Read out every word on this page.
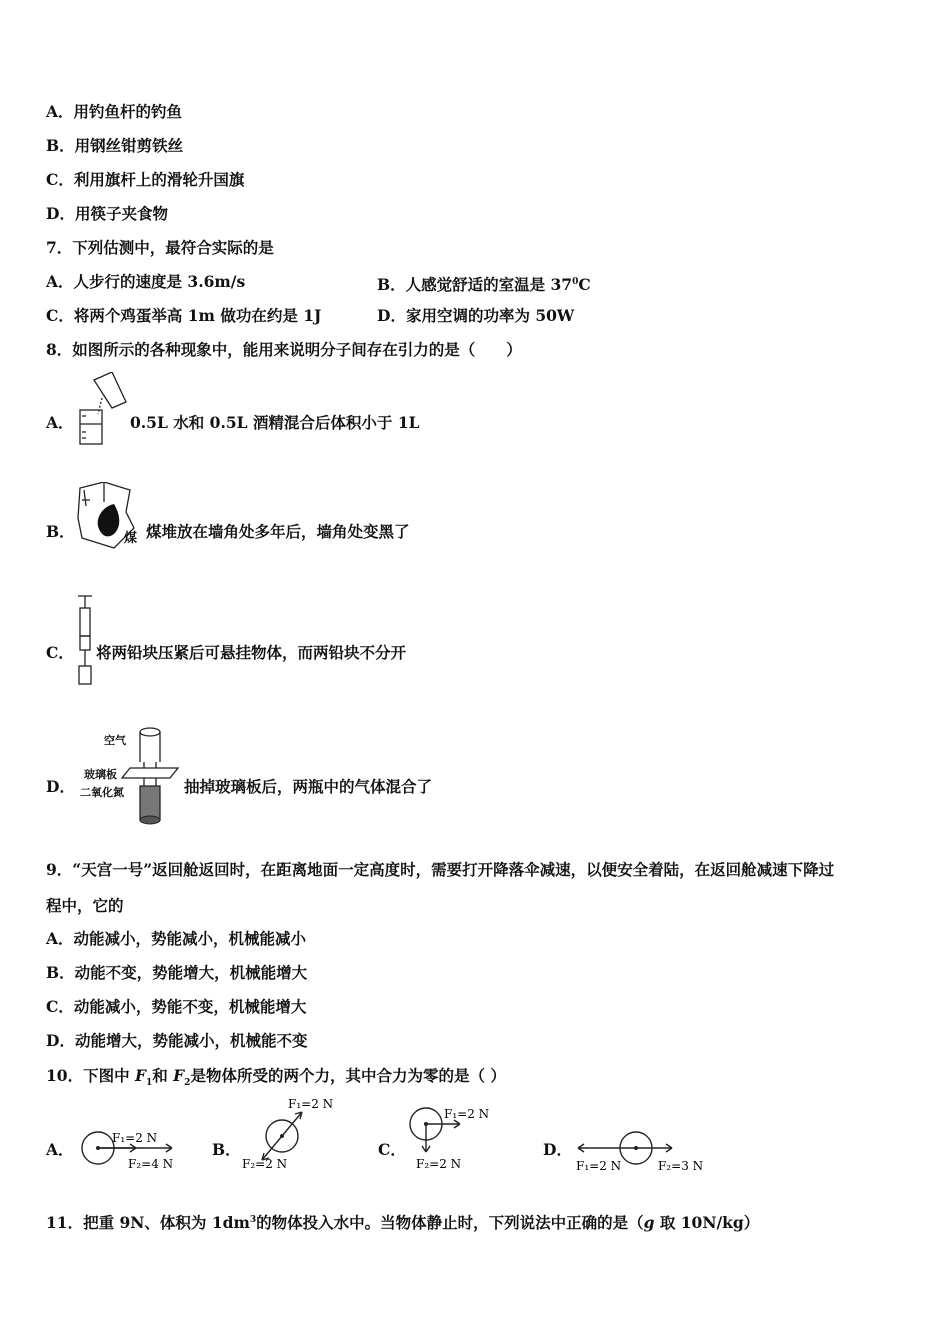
A．用钓鱼杆的钓鱼
B．用钢丝钳剪铁丝
C．利用旗杆上的滑轮升国旗
D．用筷子夹食物
7．下列估测中，最符合实际的是
A．人步行的速度是 3.6m/s	B．人感觉舒适的室温是 $37^0C$
C．将两个鸡蛋举高 1m 做功在约是 1J	D．家用空调的功率为 50W
8．如图所示的各种现象中，能用来说明分子间存在引力的是（　　）
A．	0.5L 水和 0.5L 酒精混合后体积小于 1L
B．	煤 煤堆放在墙角处多年后，墙角处变黑了
C． 将两铅块压紧后可悬挂物体，而两铅块不分开
D．
空气
玻璃板
二氧化氮	抽掉玻璃板后，两瓶中的气体混合了
9．“天宫一号”返回舱返回时，在距离地面一定高度时，需要打开降落伞减速，以便安全着陆，在返回舱减速下降过
程中，它的
A．动能减小，势能减小，机械能减小
B．动能不变，势能增大，机械能增大
C．动能减小，势能不变，机械能增大
D．动能增大，势能减小，机械能不变
10．下图中 $F_1$和 $F_2$是物体所受的两个力，其中合力为零的是（ ）
A．
F₁=2 N
F₂=4 N
B．
F₁=2 N
F₂=2 N
C．
F₁=2 N
F₂=2 N
D．
F₁=2 N	F₂=3 N
11．把重 9N、体积为 $1dm^3$的物体投入水中。当物体静止时，下列说法中正确的是（g 取 10N/kg）
